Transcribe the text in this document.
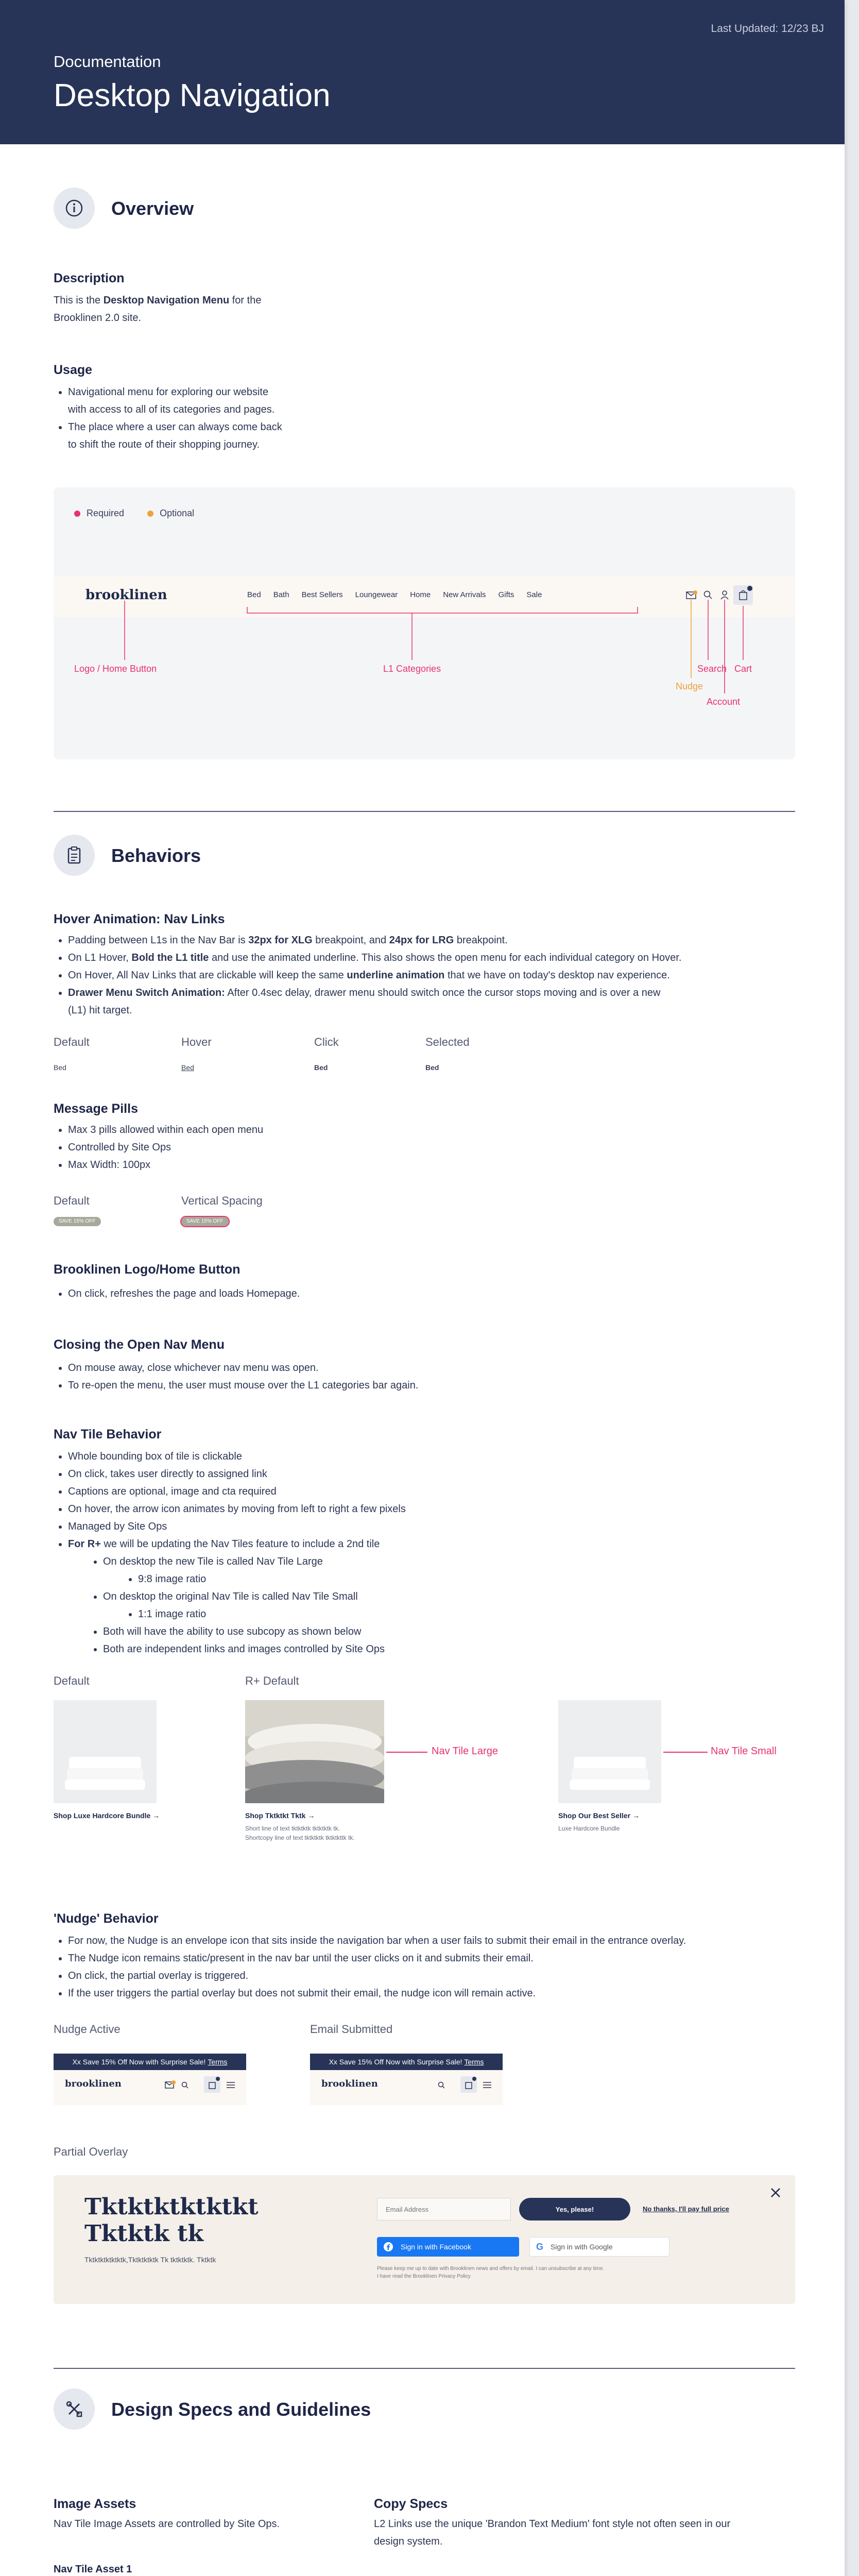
Last Updated: 12/23 BJ
Documentation
Desktop Navigation
Overview
Description
This is the Desktop Navigation Menu for the
Brooklinen 2.0 site.
Usage
Navigational menu for exploring our website
with access to all of its categories and pages.
The place where a user can always come back
to shift the route of their shopping journey.
Required	Optional
brooklinen	Bed Bath Best Sellers Loungewear Home New Arrivals Gifts Sale
Logo / Home Button	L1 Categories	Search Cart
Nudge
Account
Behaviors
Hover Animation: Nav Links
Padding between L1s in the Nav Bar is 32px for XLG breakpoint, and 24px for LRG breakpoint.
On L1 Hover, Bold the L1 title and use the animated underline. This also shows the open menu for each individual category on Hover.
On Hover, All Nav Links that are clickable will keep the same underline animation that we have on today's desktop nav experience.
Drawer Menu Switch Animation: After 0.4sec delay, drawer menu should switch once the cursor stops moving and is over a new
(L1) hit target.
Default	Hover	Click	Selected
Bed	Bed	Bed	Bed
Message Pills
Max 3 pills allowed within each open menu
Controlled by Site Ops
Max Width: 100px
Default	Vertical Spacing
SAVE 15% OFF	SAVE 15% OFF
Brooklinen Logo/Home Button
On click, refreshes the page and loads Homepage.
Closing the Open Nav Menu
On mouse away, close whichever nav menu was open.
To re-open the menu, the user must mouse over the L1 categories bar again.
Nav Tile Behavior
Whole bounding box of tile is clickable
On click, takes user directly to assigned link
Captions are optional, image and cta required
On hover, the arrow icon animates by moving from left to right a few pixels
Managed by Site Ops
For R+ we will be updating the Nav Tiles feature to include a 2nd tile
On desktop the new Tile is called Nav Tile Large
9:8 image ratio
On desktop the original Nav Tile is called Nav Tile Small
1:1 image ratio
Both will have the ability to use subcopy as shown below
Both are independent links and images controlled by Site Ops
Default	R+ Default
Shop Luxe Hardcore Bundle →	Shop Tktktkt Tktk →
Short line of text tktktktk tktktktk tk.
Shortcopy line of text tktktktk tktktkttk tk.
Nav Tile Large
Shop Our Best Seller →
Luxe Hardcore Bundle
Nav Tile Small
'Nudge' Behavior
For now, the Nudge is an envelope icon that sits inside the navigation bar when a user fails to submit their email in the entrance overlay.
The Nudge icon remains static/present in the nav bar until the user clicks on it and submits their email.
On click, the partial overlay is triggered.
If the user triggers the partial overlay but does not submit their email, the nudge icon will remain active.
Nudge Active	Email Submitted
Xx Save 15% Off Now with Surprise Sale!
Terms
brooklinen
Xx Save 15% Off Now with Surprise Sale!
Terms
brooklinen
Partial Overlay
Tktktktktktkt
Tktktk tk
Tktktktktktktk,Tktktktktk Tk tktktktk. Tktktk
Email Address
Yes, please!	No thanks, I'll pay full price
Sign in with Facebook	G Sign in with Google
Please keep me up to date with Brooklinen news and offers by email. I can unsubscribe at any time.
I have read the Brooklinen Privacy Policy
Design Specs and Guidelines
Image Assets
Nav Tile Image Assets are controlled by Site Ops.
Nav Tile Asset 1
Copy Specs
L2 Links use the unique 'Brandon Text Medium' font style not often seen in our
design system.
